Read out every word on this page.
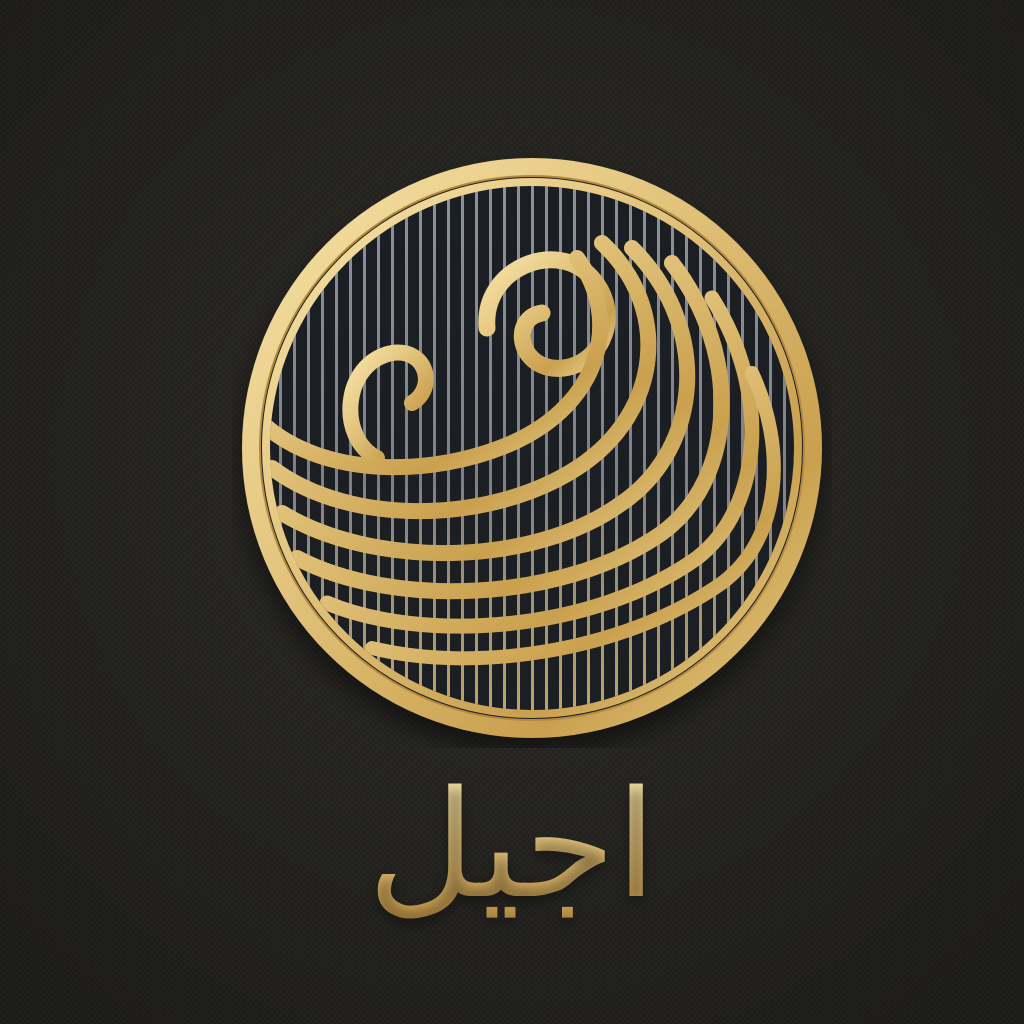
اجيل
